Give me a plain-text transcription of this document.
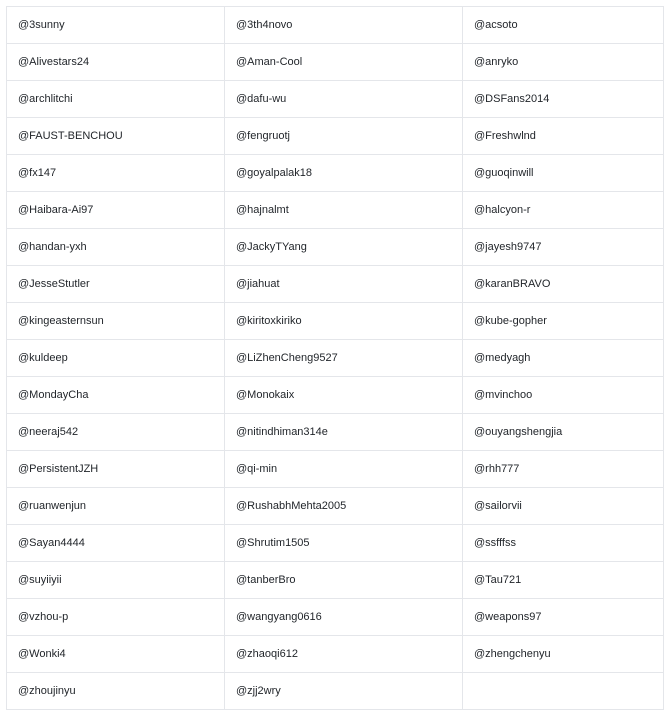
@3sunny	@3th4novo	@acsoto
@Alivestars24	@Aman-Cool	@anryko
@archlitchi	@dafu-wu	@DSFans2014
@FAUST-BENCHOU	@fengruotj	@Freshwlnd
@fx147	@goyalpalak18	@guoqinwill
@Haibara-Ai97	@hajnalmt	@halcyon-r
@handan-yxh	@JackyTYang	@jayesh9747
@JesseStutler	@jiahuat	@karanBRAVO
@kingeasternsun	@kiritoxkiriko	@kube-gopher
@kuldeep	@LiZhenCheng9527	@medyagh
@MondayCha	@Monokaix	@mvinchoo
@neeraj542	@nitindhiman314e	@ouyangshengjia
@PersistentJZH	@qi-min	@rhh777
@ruanwenjun	@RushabhMehta2005	@sailorvii
@Sayan4444	@Shrutim1505	@ssfffss
@suyiiyii	@tanberBro	@Tau721
@vzhou-p	@wangyang0616	@weapons97
@Wonki4	@zhaoqi612	@zhengchenyu
@zhoujinyu	@zjj2wry	
